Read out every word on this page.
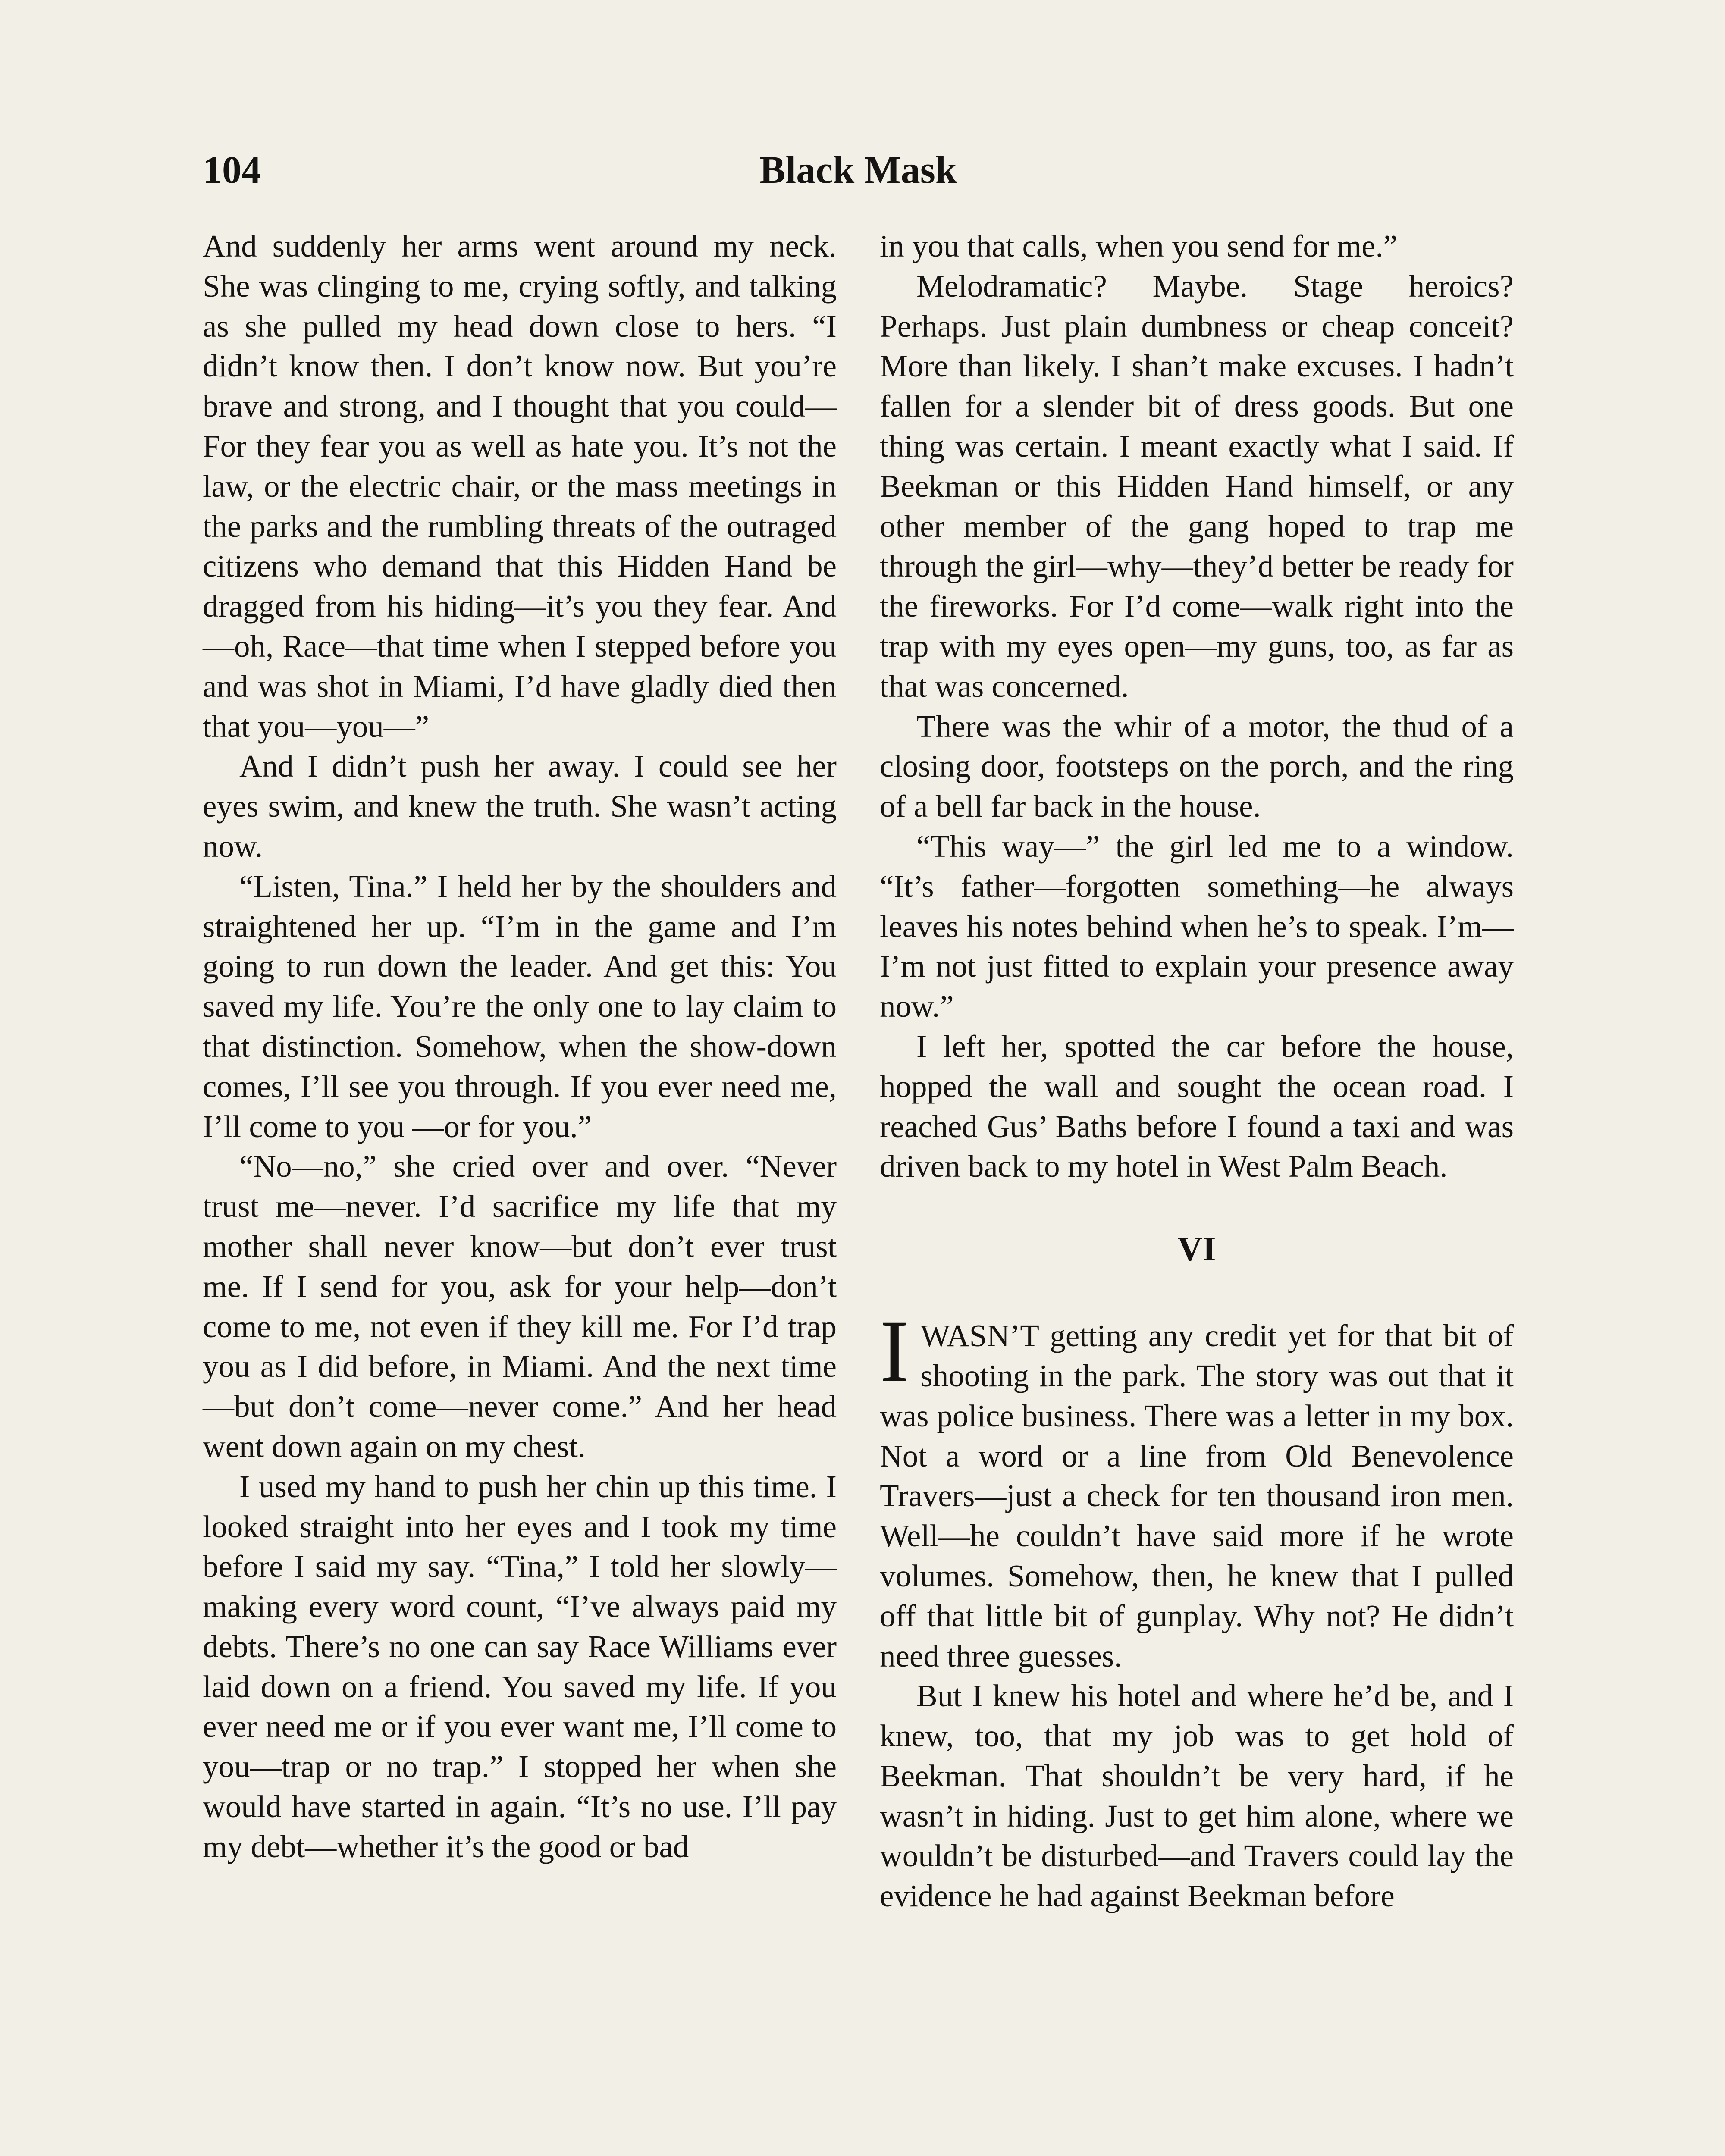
104	Black Mask

And suddenly her arms went around my neck. She was clinging to me, crying softly, and talking as she pulled my head down close to hers. “I didn’t know then. I don’t know now. But you’re brave and strong, and I thought that you could— For they fear you as well as hate you. It’s not the law, or the electric chair, or the mass meetings in the parks and the rumbling threats of the outraged citizens who demand that this Hidden Hand be dragged from his hiding—it’s you they fear. And—oh, Race—that time when I stepped before you and was shot in Miami, I’d have gladly died then that you—you—”

And I didn’t push her away. I could see her eyes swim, and knew the truth. She wasn’t acting now.

“Listen, Tina.” I held her by the shoulders and straightened her up. “I’m in the game and I’m going to run down the leader. And get this: You saved my life. You’re the only one to lay claim to that distinction. Somehow, when the show-down comes, I’ll see you through. If you ever need me, I’ll come to you —or for you.”

“No—no,” she cried over and over. “Never trust me—never. I’d sacrifice my life that my mother shall never know—but don’t ever trust me. If I send for you, ask for your help—don’t come to me, not even if they kill me. For I’d trap you as I did before, in Miami. And the next time—but don’t come—never come.” And her head went down again on my chest.

I used my hand to push her chin up this time. I looked straight into her eyes and I took my time before I said my say. “Tina,” I told her slowly—making every word count, “I’ve always paid my debts. There’s no one can say Race Williams ever laid down on a friend. You saved my life. If you ever need me or if you ever want me, I’ll come to you—trap or no trap.” I stopped her when she would have started in again. “It’s no use. I’ll pay my debt—whether it’s the good or bad

in you that calls, when you send for me.”

Melodramatic? Maybe. Stage heroics? Perhaps. Just plain dumbness or cheap conceit? More than likely. I shan’t make excuses. I hadn’t fallen for a slender bit of dress goods. But one thing was certain. I meant exactly what I said. If Beekman or this Hidden Hand himself, or any other member of the gang hoped to trap me through the girl—why—they’d better be ready for the fireworks. For I’d come—walk right into the trap with my eyes open—my guns, too, as far as that was concerned.

There was the whir of a motor, the thud of a closing door, footsteps on the porch, and the ring of a bell far back in the house.

“This way—” the girl led me to a window. “It’s father—forgotten something—he always leaves his notes behind when he’s to speak. I’m—I’m not just fitted to explain your presence away now.”

I left her, spotted the car before the house, hopped the wall and sought the ocean road. I reached Gus’ Baths before I found a taxi and was driven back to my hotel in West Palm Beach.

VI

IWASN’T getting any credit yet for that bit of shooting in the park. The story was out that it was police business. There was a letter in my box. Not a word or a line from Old Benevolence Travers—just a check for ten thousand iron men. Well—he couldn’t have said more if he wrote volumes. Somehow, then, he knew that I pulled off that little bit of gunplay. Why not? He didn’t need three guesses.

But I knew his hotel and where he’d be, and I knew, too, that my job was to get hold of Beekman. That shouldn’t be very hard, if he wasn’t in hiding. Just to get him alone, where we wouldn’t be disturbed—and Travers could lay the evidence he had against Beekman before
